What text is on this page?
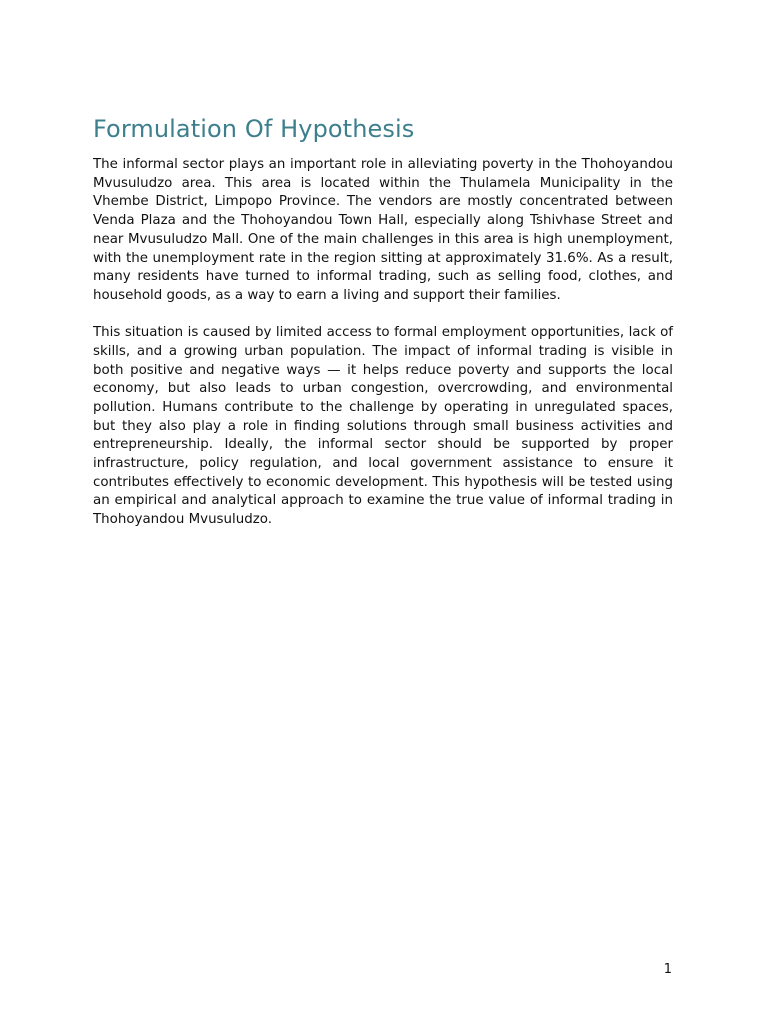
Formulation Of Hypothesis

The informal sector plays an important role in alleviating poverty in the Thohoyandou Mvusuludzo area. This area is located within the Thulamela Municipality in the Vhembe District, Limpopo Province. The vendors are mostly concentrated between Venda Plaza and the Thohoyandou Town Hall, especially along Tshivhase Street and near Mvusuludzo Mall. One of the main challenges in this area is high unemployment, with the unemployment rate in the region sitting at approximately 31.6%. As a result, many residents have turned to informal trading, such as selling food, clothes, and household goods, as a way to earn a living and support their families.

This situation is caused by limited access to formal employment opportunities, lack of skills, and a growing urban population. The impact of informal trading is visible in both positive and negative ways — it helps reduce poverty and supports the local economy, but also leads to urban congestion, overcrowding, and environmental pollution. Humans contribute to the challenge by operating in unregulated spaces, but they also play a role in finding solutions through small business activities and entrepreneurship. Ideally, the informal sector should be supported by proper infrastructure, policy regulation, and local government assistance to ensure it contributes effectively to economic development. This hypothesis will be tested using an empirical and analytical approach to examine the true value of informal trading in Thohoyandou Mvusuludzo.

1
